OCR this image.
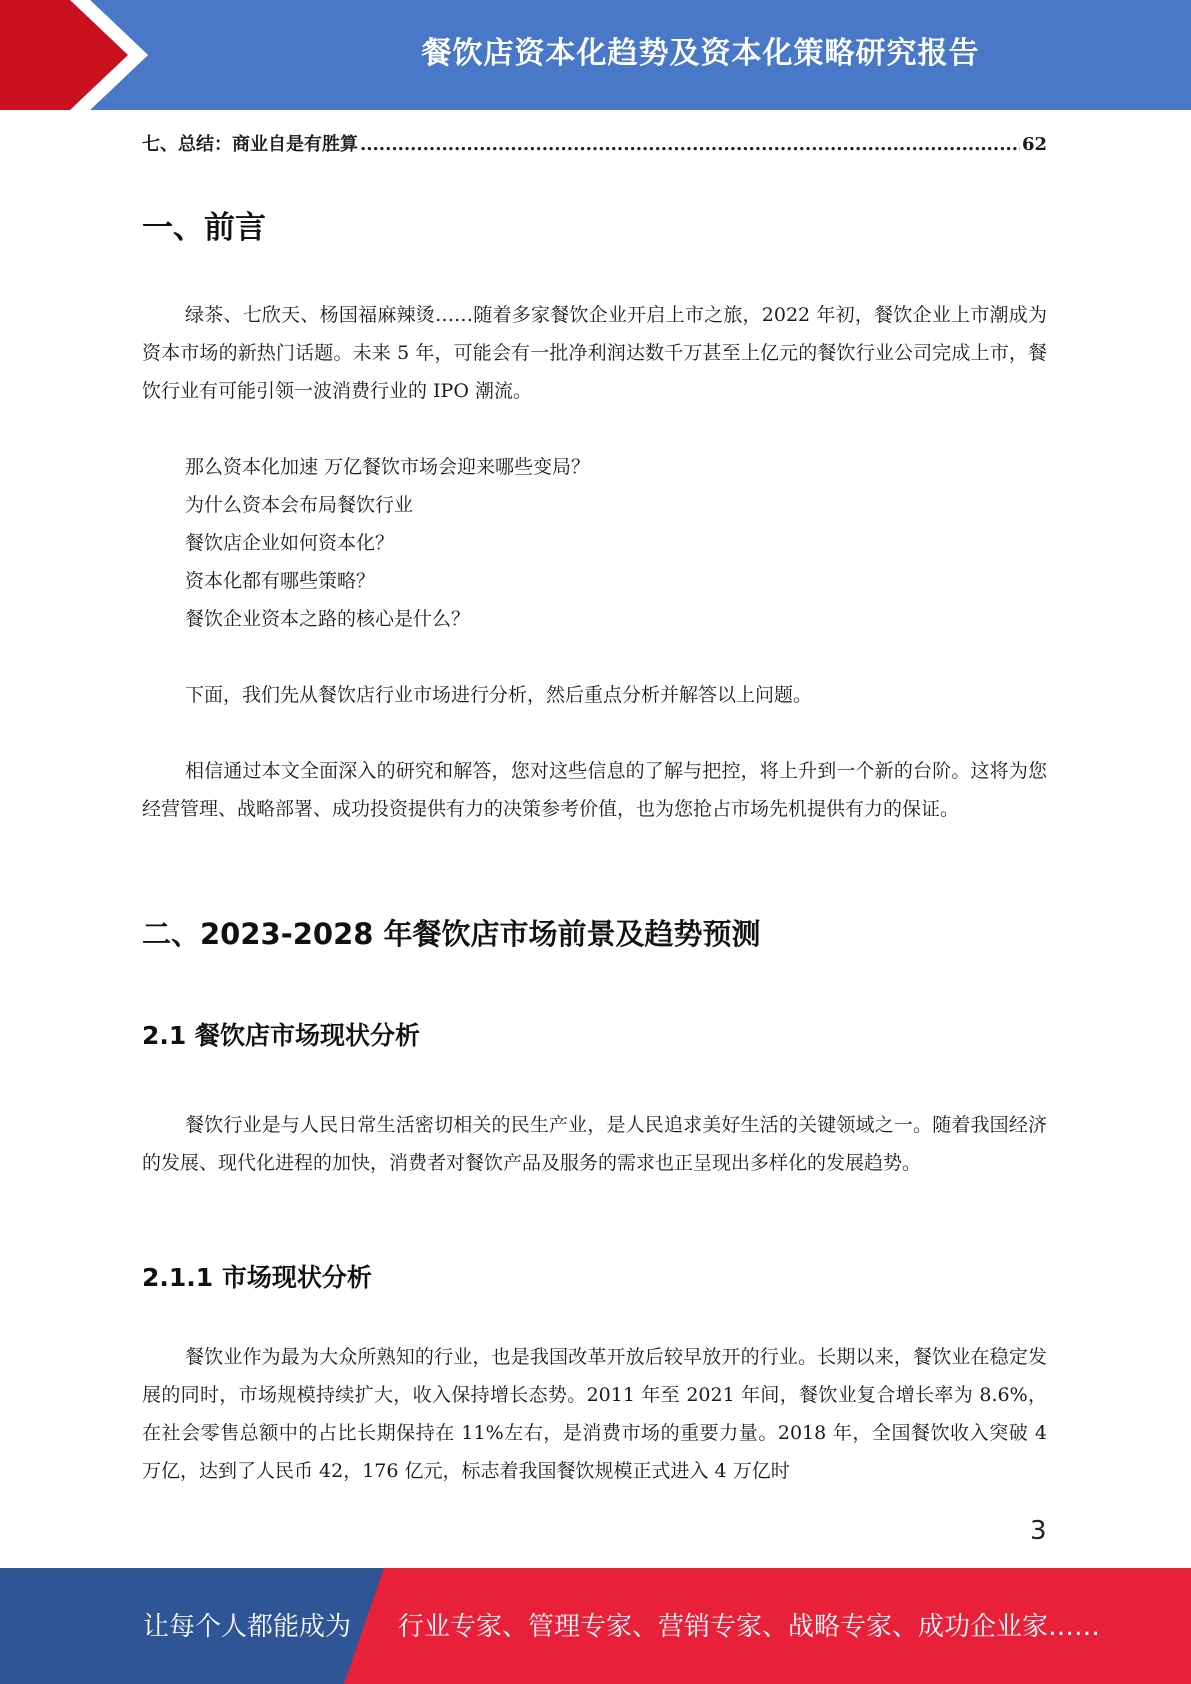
餐饮店资本化趋势及资本化策略研究报告
七、总结：商业自是有胜算
.....	62
一、前言

绿茶、七欣天、杨国福麻辣烫……随着多家餐饮企业开启上市之旅，2022 年初，餐饮企业上市潮成为资本市场的新热门话题。未来 5 年，可能会有一批净利润达数千万甚至上亿元的餐饮行业公司完成上市，餐饮行业有可能引领一波消费行业的 IPO 潮流。

那么资本化加速 万亿餐饮市场会迎来哪些变局？
为什么资本会布局餐饮行业
餐饮店企业如何资本化？
资本化都有哪些策略？
餐饮企业资本之路的核心是什么？

下面，我们先从餐饮店行业市场进行分析，然后重点分析并解答以上问题。

相信通过本文全面深入的研究和解答，您对这些信息的了解与把控，将上升到一个新的台阶。这将为您经营管理、战略部署、成功投资提供有力的决策参考价值，也为您抢占市场先机提供有力的保证。

二、2023-2028 年餐饮店市场前景及趋势预测
2.1 餐饮店市场现状分析

餐饮行业是与人民日常生活密切相关的民生产业，是人民追求美好生活的关键领域之一。随着我国经济的发展、现代化进程的加快，消费者对餐饮产品及服务的需求也正呈现出多样化的发展趋势。

2.1.1 市场现状分析

餐饮业作为最为大众所熟知的行业，也是我国改革开放后较早放开的行业。长期以来，餐饮业在稳定发展的同时，市场规模持续扩大，收入保持增长态势。2011 年至 2021 年间，餐饮业复合增长率为 8.6%，在社会零售总额中的占比长期保持在 11%左右，是消费市场的重要力量。2018 年，全国餐饮收入突破 4 万亿，达到了人民币 42，176 亿元，标志着我国餐饮规模正式进入 4 万亿时

3
让每个人都能成为 行业专家、管理专家、营销专家、战略专家、成功企业家……
